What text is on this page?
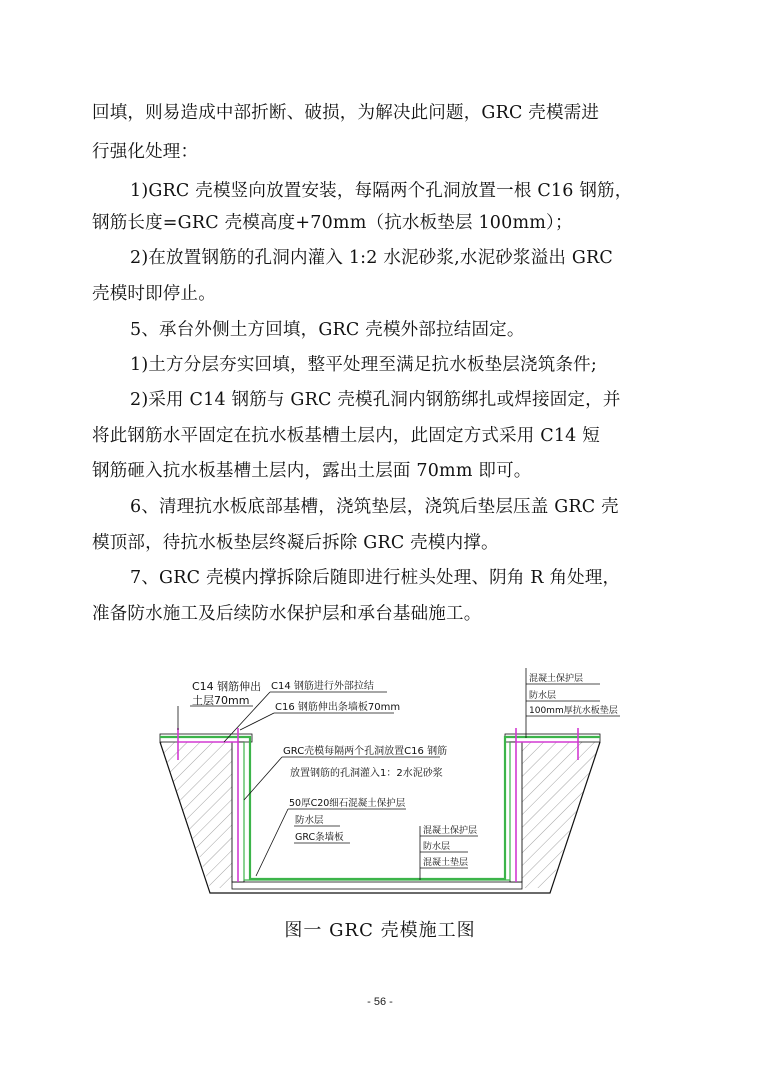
回填，则易造成中部折断、破损，为解决此问题，GRC 壳模需进
行强化处理：
1)GRC 壳模竖向放置安装，每隔两个孔洞放置一根 C16 钢筋，
钢筋长度=GRC 壳模高度+70mm（抗水板垫层 100mm）；
2)在放置钢筋的孔洞内灌入 1:2 水泥砂浆,水泥砂浆溢出 GRC
壳模时即停止。
5、承台外侧土方回填，GRC 壳模外部拉结固定。
1)土方分层夯实回填，整平处理至满足抗水板垫层浇筑条件;
2)采用 C14 钢筋与 GRC 壳模孔洞内钢筋绑扎或焊接固定，并
将此钢筋水平固定在抗水板基槽土层内，此固定方式采用 C14 短
钢筋砸入抗水板基槽土层内，露出土层面 70mm 即可。
6、清理抗水板底部基槽，浇筑垫层，浇筑后垫层压盖 GRC 壳
模顶部，待抗水板垫层终凝后拆除 GRC 壳模内撑。
7、GRC 壳模内撑拆除后随即进行桩头处理、阴角 R 角处理，
准备防水施工及后续防水保护层和承台基础施工。
C14 钢筋伸出
土层70mm
C14 钢筋进行外部拉结
C16 钢筋伸出条墙板70mm
GRC壳模每隔两个孔洞放置C16 钢筋
放置钢筋的孔洞灌入1：2水泥砂浆
50厚C20细石混凝土保护层
防水层
GRC条墙板
混凝土保护层
防水层
100mm厚抗水板垫层
混凝土保护层
防水层
混凝土垫层
图一 GRC 壳模施工图
- 56 -
